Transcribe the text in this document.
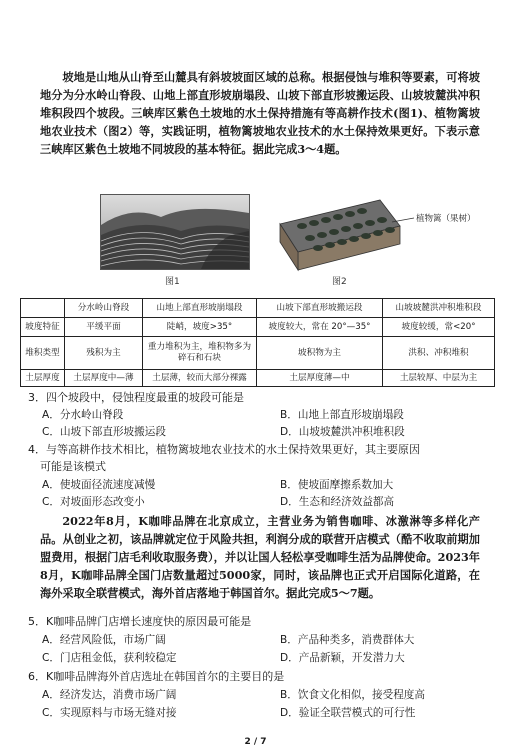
坡地是山地从山脊至山麓具有斜坡坡面区域的总称。根据侵蚀与堆积等要素，可将坡地分为分水岭山脊段、山地上部直形坡崩塌段、山坡下部直形坡搬运段、山坡坡麓洪冲积堆积段四个坡段。三峡库区紫色土坡地的水土保持措施有等高耕作技术(图1)、植物篱坡地农业技术（图2）等，实践证明，植物篱坡地农业技术的水土保持效果更好。下表示意三峡库区紫色土坡地不同坡段的基本特征。据此完成3～4题。

植物篱（果树）
图1	图2
	分水岭山脊段	山地上部直形坡崩塌段	山坡下部直形坡搬运段	山坡坡麓洪冲积堆积段
坡度特征	平缓平面	陡峭，坡度>35°	坡度较大，常在 20°—35°	坡度较缓，常<20°
堆积类型	残积为主	重力堆积为主，堆积物多为碎石和石块	坡积物为主	洪积、冲积堆积
土层厚度	土层厚度中—薄	土层薄，较而大部分裸露	土层厚度薄—中	土层较厚、中层为主

3．四个坡段中，侵蚀程度最重的坡段可能是

A．分水岭山脊段	B．山地上部直形坡崩塌段
C．山坡下部直形坡搬运段	D．山坡坡麓洪冲积堆积段

4．与等高耕作技术相比，植物篱坡地农业技术的水土保持效果更好，其主要原因

可能是该模式

A．使坡面径流速度减慢	B．使坡面摩擦系数加大
C．对坡面形态改变小	D．生态和经济效益都高

2022年8月，K咖啡品牌在北京成立，主营业务为销售咖啡、冰激淋等多样化产品。从创业之初，该品牌就定位于风险共担，利润分成的联营开店模式（酷不收取前期加盟费用，根据门店毛利收取服务费），并以让国人轻松享受咖啡生活为品牌使命。2023年8月，K咖啡品牌全国门店数量超过5000家，同时，该品牌也正式开启国际化道路，在海外采取全联营模式，海外首店落地于韩国首尔。据此完成5～7题。

5．K咖啡品牌门店增长速度快的原因最可能是

A．经营风险低，市场广阔	B．产品种类多，消费群体大
C．门店租金低，获利较稳定	D．产品新颖，开发潜力大

6．K咖啡品牌海外首店选址在韩国首尔的主要目的是

A．经济发达，消费市场广阔	B．饮食文化相似，接受程度高
C．实现原料与市场无缝对接	D．验证全联营模式的可行性
2 / 7
